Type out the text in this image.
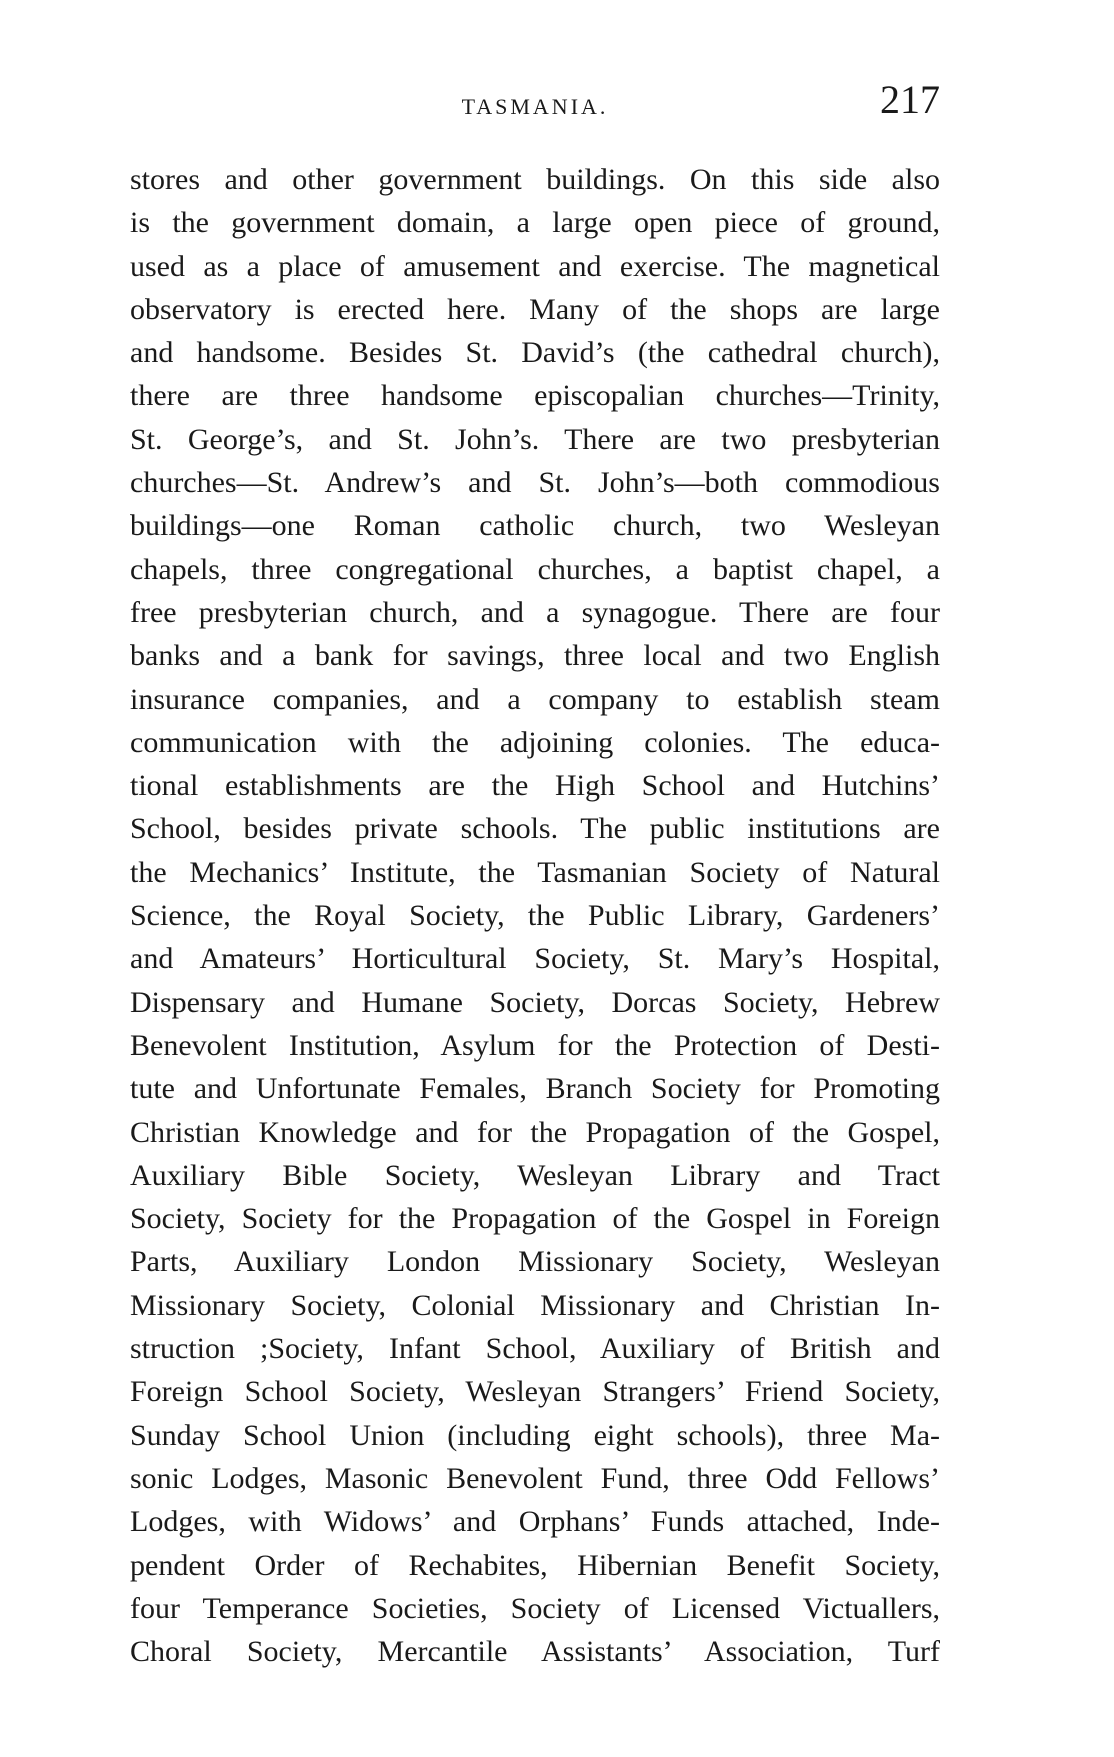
TASMANIA.	217
stores and other government buildings. On this side also
is the government domain, a large open piece of ground,
used as a place of amusement and exercise. The magnetical
observatory is erected here. Many of the shops are large
and handsome. Besides St. David’s (the cathedral church),
there are three handsome episcopalian churches—Trinity,
St. George’s, and St. John’s. There are two presbyterian
churches—St. Andrew’s and St. John’s—both commodious
buildings—one Roman catholic church, two Wesleyan
chapels, three congregational churches, a baptist chapel, a
free presbyterian church, and a synagogue. There are four
banks and a bank for savings, three local and two English
insurance companies, and a company to establish steam
communication with the adjoining colonies. The educa-
tional establishments are the High School and Hutchins’
School, besides private schools. The public institutions are
the Mechanics’ Institute, the Tasmanian Society of Natural
Science, the Royal Society, the Public Library, Gardeners’
and Amateurs’ Horticultural Society, St. Mary’s Hospital,
Dispensary and Humane Society, Dorcas Society, Hebrew
Benevolent Institution, Asylum for the Protection of Desti-
tute and Unfortunate Females, Branch Society for Promoting
Christian Knowledge and for the Propagation of the Gospel,
Auxiliary Bible Society, Wesleyan Library and Tract
Society, Society for the Propagation of the Gospel in Foreign
Parts, Auxiliary London Missionary Society, Wesleyan
Missionary Society, Colonial Missionary and Christian In-
struction ;Society, Infant School, Auxiliary of British and
Foreign School Society, Wesleyan Strangers’ Friend Society,
Sunday School Union (including eight schools), three Ma-
sonic Lodges, Masonic Benevolent Fund, three Odd Fellows’
Lodges, with Widows’ and Orphans’ Funds attached, Inde-
pendent Order of Rechabites, Hibernian Benefit Society,
four Temperance Societies, Society of Licensed Victuallers,
Choral Society, Mercantile Assistants’ Association, Turf
